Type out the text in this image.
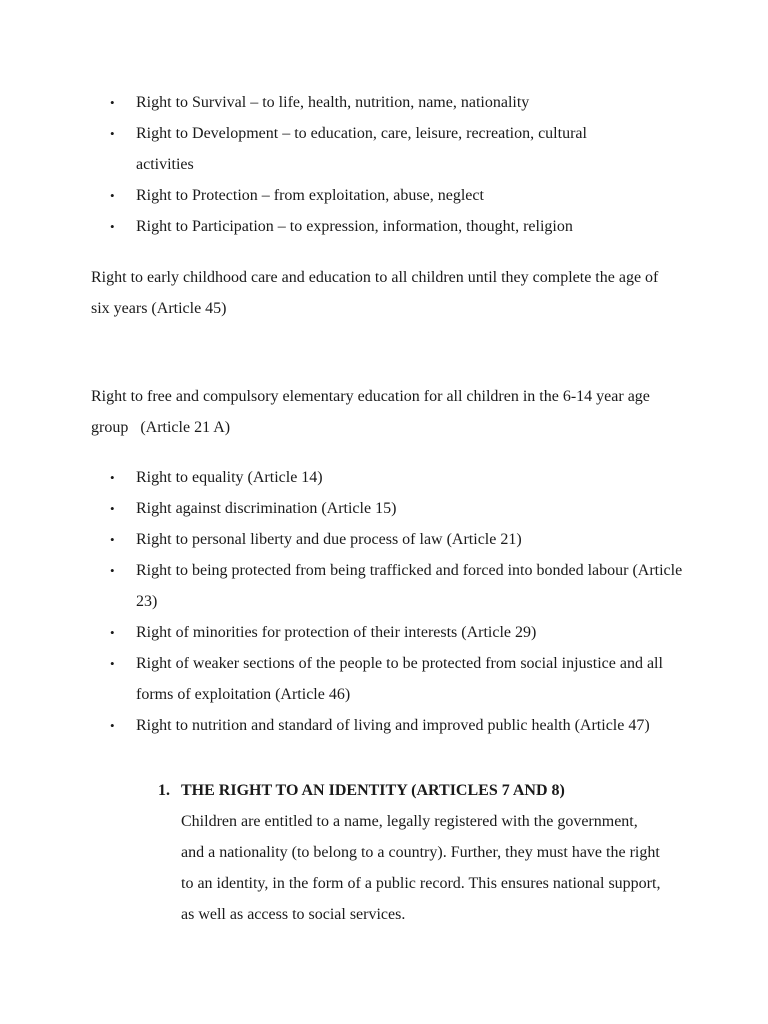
• Right to Survival – to life, health, nutrition, name, nationality
• Right to Development – to education, care, leisure, recreation, cultural activities
• Right to Protection – from exploitation, abuse, neglect
• Right to Participation – to expression, information, thought, religion

Right to early childhood care and education to all children until they complete the age of six years (Article 45)

Right to free and compulsory elementary education for all children in the 6-14 year age group   (Article 21 A)

• Right to equality (Article 14)
• Right against discrimination (Article 15)
• Right to personal liberty and due process of law (Article 21)
• Right to being protected from being trafficked and forced into bonded labour (Article 23)
• Right of minorities for protection of their interests (Article 29)
• Right of weaker sections of the people to be protected from social injustice and all forms of exploitation (Article 46)
• Right to nutrition and standard of living and improved public health (Article 47)

1. THE RIGHT TO AN IDENTITY (ARTICLES 7 AND 8)

Children are entitled to a name, legally registered with the government, and a nationality (to belong to a country). Further, they must have the right to an identity, in the form of a public record. This ensures national support, as well as access to social services.
